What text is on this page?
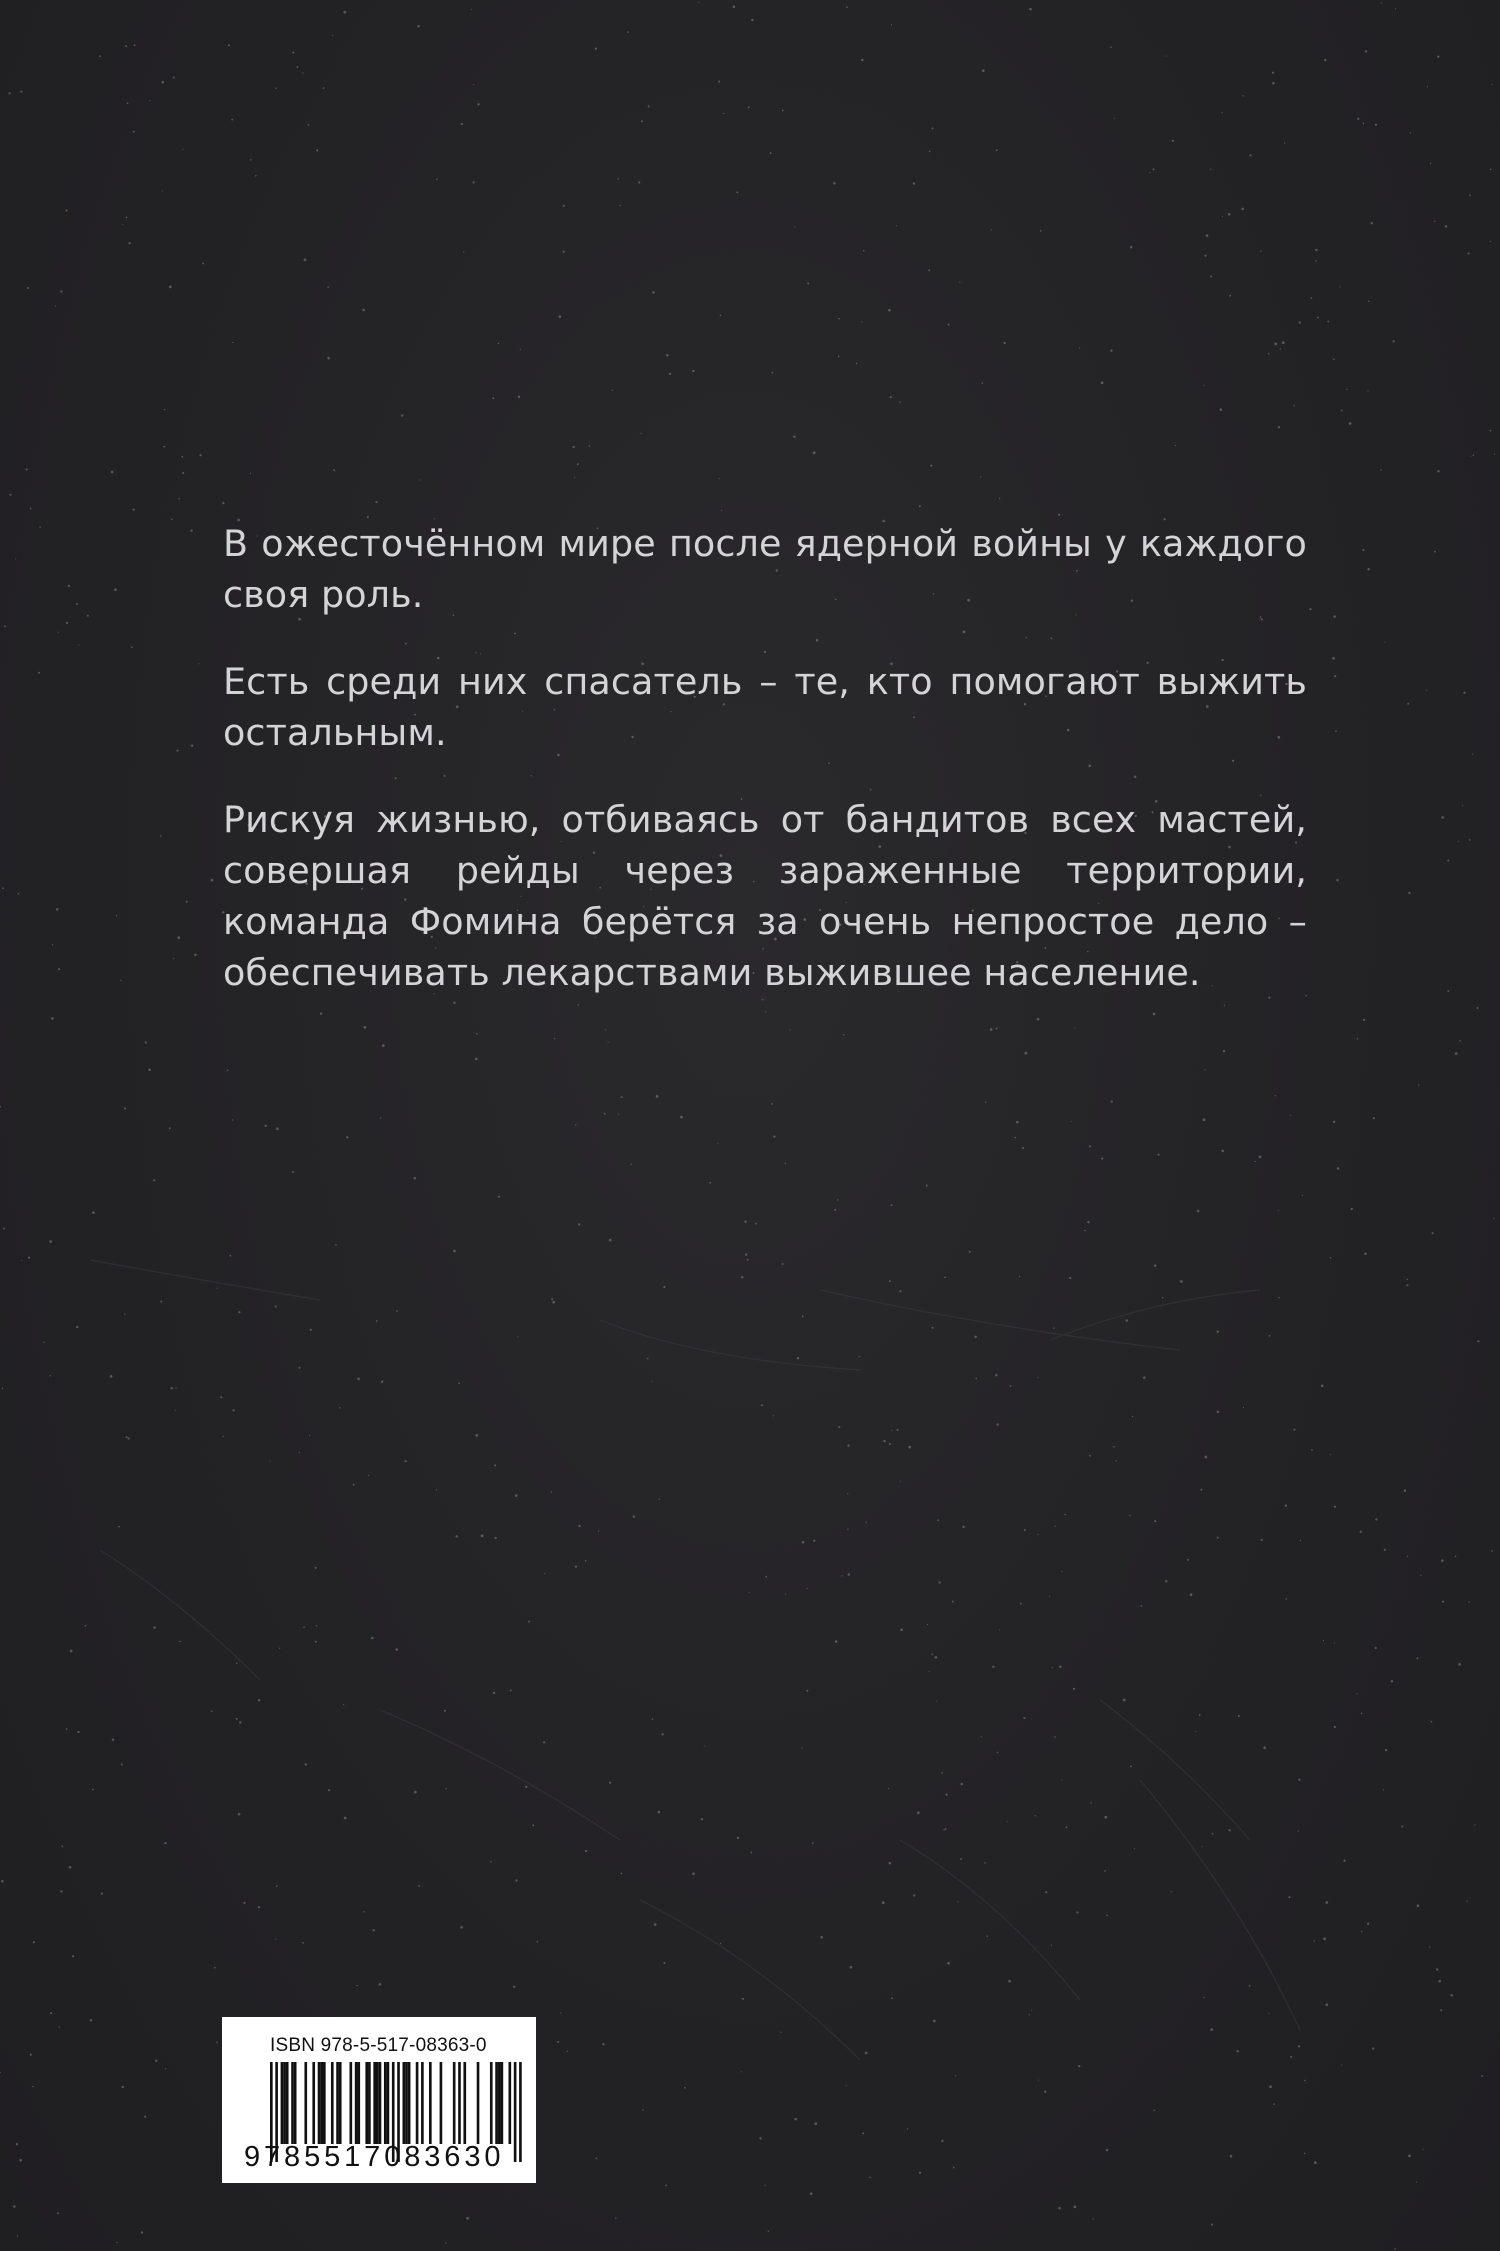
В ожесточённом мире после ядерной войны у каждого своя роль.

Есть среди них спасатель – те, кто помогают выжить остальным.

Рискуя жизнью, отбиваясь от бандитов всех мастей, совершая рейды через зараженные территории, команда Фомина берётся за очень непростое дело – обеспечивать лекарствами выжившее население.

ISBN 978-5-517-08363-0
9785517083630
